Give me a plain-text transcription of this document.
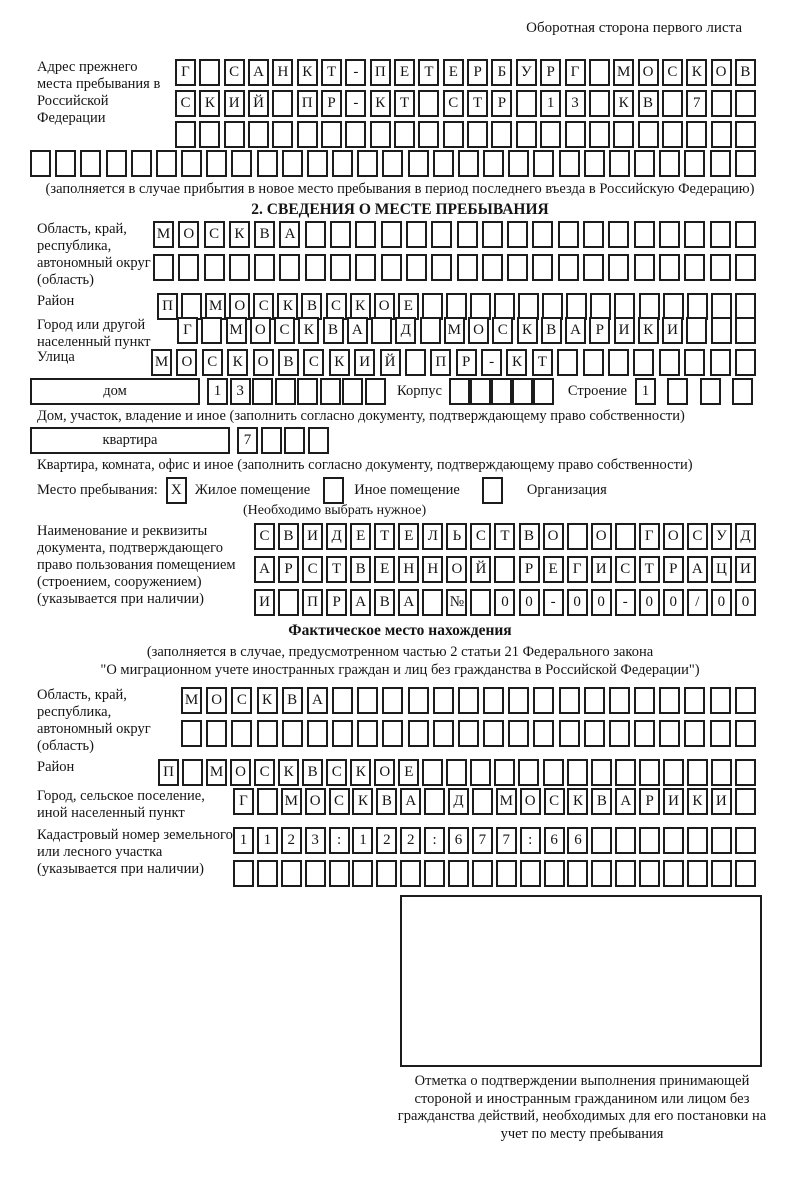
Оборотная сторона первого листа
Адрес прежнего места пребывания в Российской Федерации
Г	С А Н К Т	-	П Е	Т	Е	Р	Б У Р	Г	М О С К О В
С К И Й	П Р	-	К Т	С Т	Р	1	3	К В	7
(заполняется в случае прибытия в новое место пребывания в период последнего въезда в Российскую Федерацию)
2. СВЕДЕНИЯ О МЕСТЕ ПРЕБЫВАНИЯ
Область, край, республика, автономный округ (область)
М О С	К	В А
Район	П	М О С К В С К О Е
Город или другой населенный пункт
Г	М О С К В А	Д	М О С К В А Р И К И
Улица	М О С	К О В	С	К И Й	П	Р	-	К	Т
дом	1	3	Корпус	Строение 1
Дом, участок, владение и иное (заполнить согласно документу, подтверждающему право собственности)
квартира	7
Квартира, комната, офис и иное (заполнить согласно документу, подтверждающему право собственности)
Место пребывания: X Жилое помещение	Иное помещение	Организация
(Необходимо выбрать нужное)
Наименование и реквизиты документа, подтверждающего право пользования помещением (строением, сооружением) (указывается при наличии)
С В И Д Е Т Е Л Ь С Т В О	О	Г О С У Д
А Р С Т В Е Н Н О Й	Р	Е	Г И С Т	Р А Ц И
И	П Р А В А	№	0	0	-	0	0	-	0	0	/	0	0
Фактическое место нахождения
(заполняется в случае, предусмотренном частью 2 статьи 21 Федерального закона
"О миграционном учете иностранных граждан и лиц без гражданства в Российской Федерации")
Область, край, республика, автономный округ (область)
М О С	К	В А
Район	П	М О С К В С К О Е
Город, сельское поселение, иной населенный пункт
Г	М О С К В А	Д	М О С К В А Р И К И
Кадастровый номер земельного или лесного участка (указывается при наличии)
1	1	2	3	:	1	2	2	:	6	7	7	:	6	6
Отметка о подтверждении выполнения принимающей стороной и иностранным гражданином или лицом без гражданства действий, необходимых для его постановки на учет по месту пребывания
